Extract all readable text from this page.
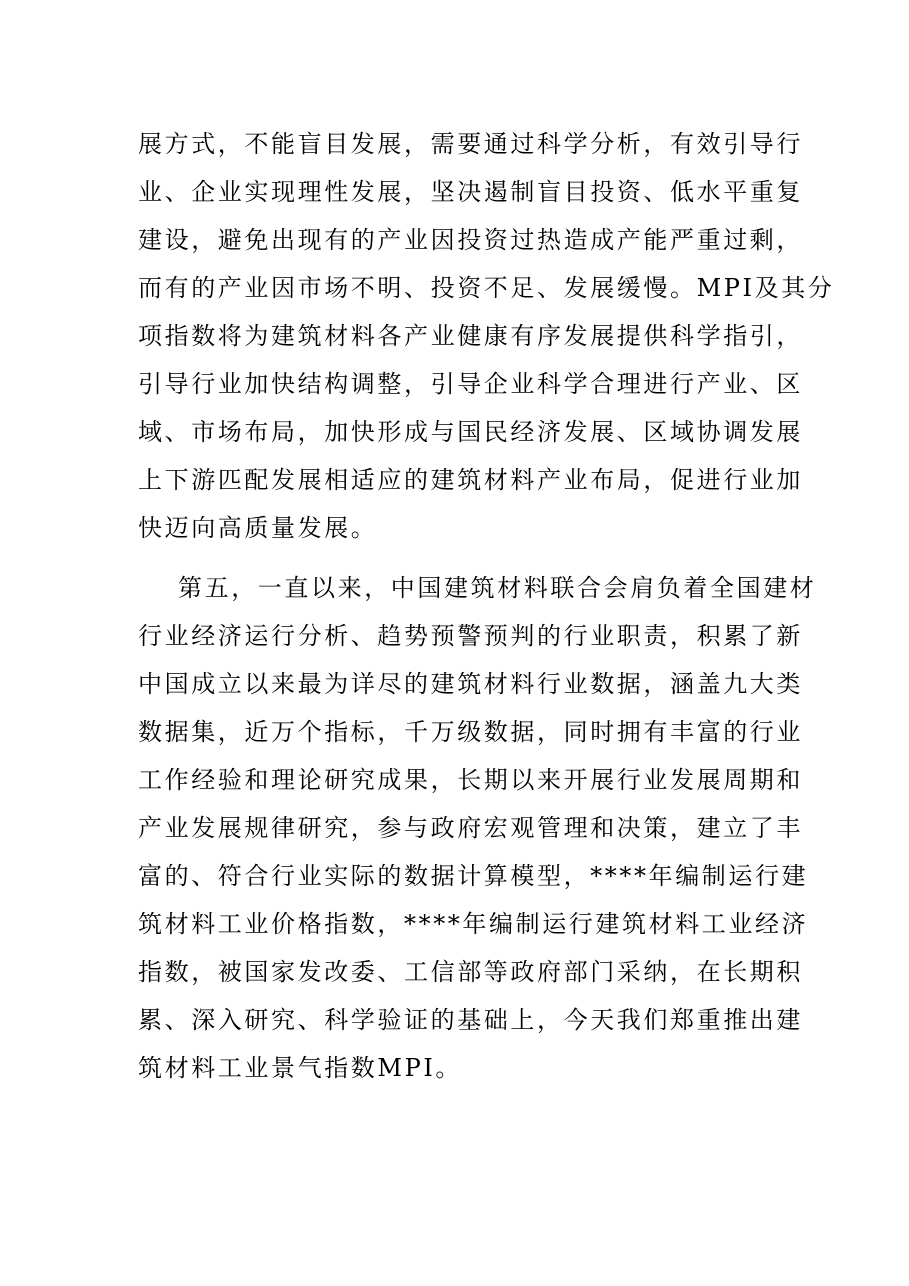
展方式，不能盲目发展，需要通过科学分析，有效引导行
业、企业实现理性发展，坚决遏制盲目投资、低水平重复
建设，避免出现有的产业因投资过热造成产能严重过剩，
而有的产业因市场不明、投资不足、发展缓慢。MPI及其分
项指数将为建筑材料各产业健康有序发展提供科学指引，
引导行业加快结构调整，引导企业科学合理进行产业、区
域、市场布局，加快形成与国民经济发展、区域协调发展
上下游匹配发展相适应的建筑材料产业布局，促进行业加
快迈向高质量发展。
第五，一直以来，中国建筑材料联合会肩负着全国建材
行业经济运行分析、趋势预警预判的行业职责，积累了新
中国成立以来最为详尽的建筑材料行业数据，涵盖九大类
数据集，近万个指标，千万级数据，同时拥有丰富的行业
工作经验和理论研究成果，长期以来开展行业发展周期和
产业发展规律研究，参与政府宏观管理和决策，建立了丰
富的、符合行业实际的数据计算模型，****年编制运行建
筑材料工业价格指数，****年编制运行建筑材料工业经济
指数，被国家发改委、工信部等政府部门采纳，在长期积
累、深入研究、科学验证的基础上，今天我们郑重推出建
筑材料工业景气指数MPI。
